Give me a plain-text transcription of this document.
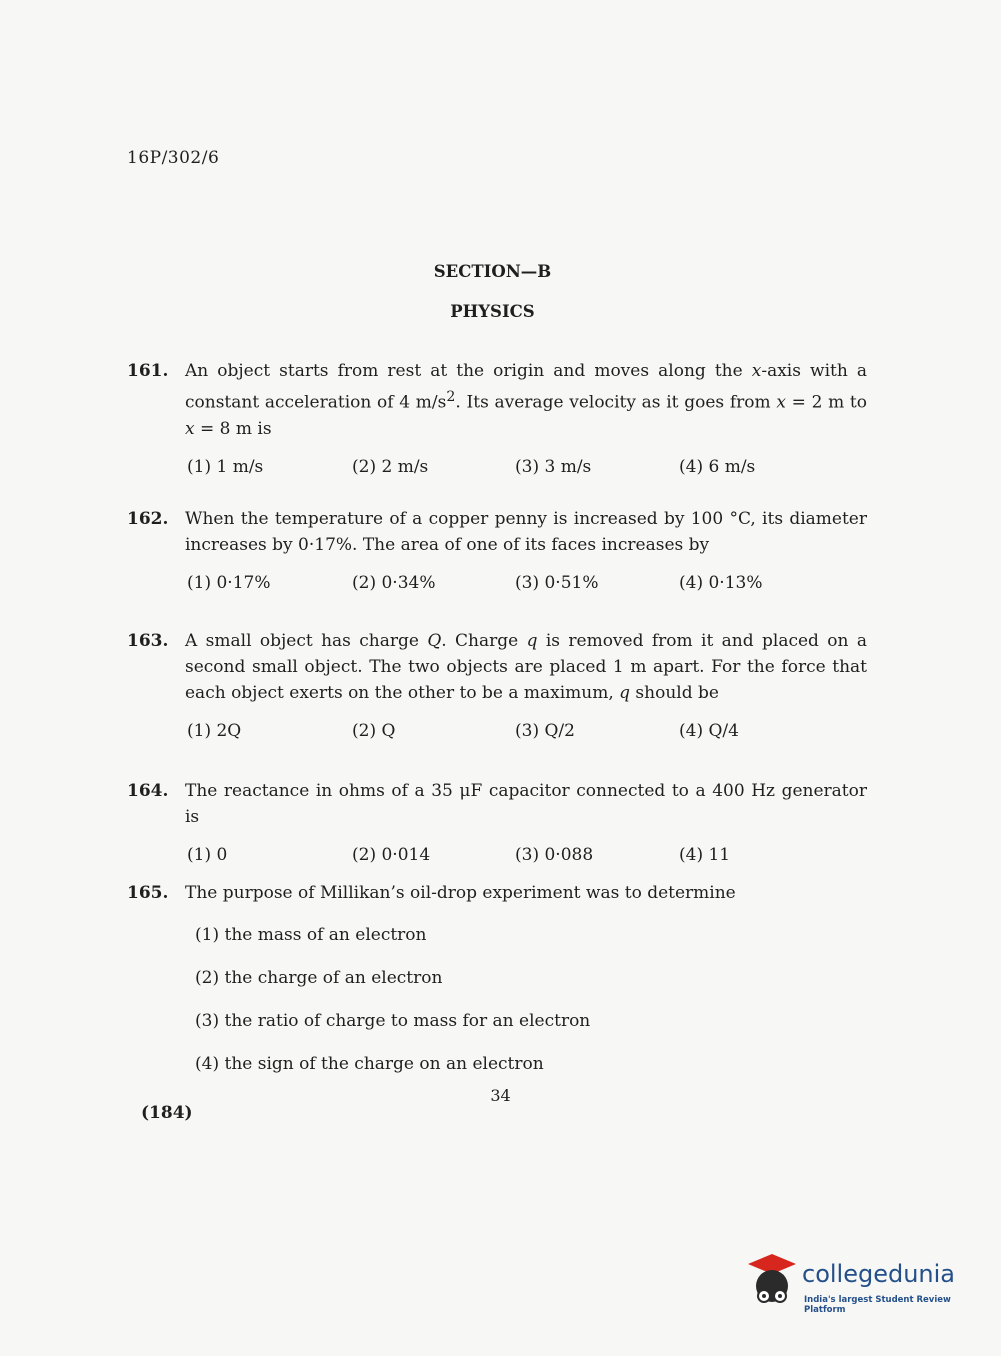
16P/302/6
SECTION—B
PHYSICS
161. An object starts from rest at the origin and moves along the x-axis with a constant acceleration of 4 $m/s^2$. Its average velocity as it goes from x = 2 m to x = 8 m is
(1) 1 m/s	(2) 2 m/s	(3) 3 m/s	(4) 6 m/s
162. When the temperature of a copper penny is increased by 100 °C, its diameter increases by 0·17%. The area of one of its faces increases by
(1) 0·17%	(2) 0·34%	(3) 0·51%	(4) 0·13%
163. A small object has charge Q. Charge q is removed from it and placed on a second small object. The two objects are placed 1 m apart. For the force that each object exerts on the other to be a maximum, q should be
(1) 2Q	(2) Q	(3) Q/2	(4) Q/4
164. The reactance in ohms of a 35 μF capacitor connected to a 400 Hz generator is
(1) 0	(2) 0·014	(3) 0·088	(4) 11
165. The purpose of Millikan’s oil-drop experiment was to determine
(1) the mass of an electron
(2) the charge of an electron
(3) the ratio of charge to mass for an electron
(4) the sign of the charge on an electron
34
(184)
collegedunia
India's largest Student Review Platform
